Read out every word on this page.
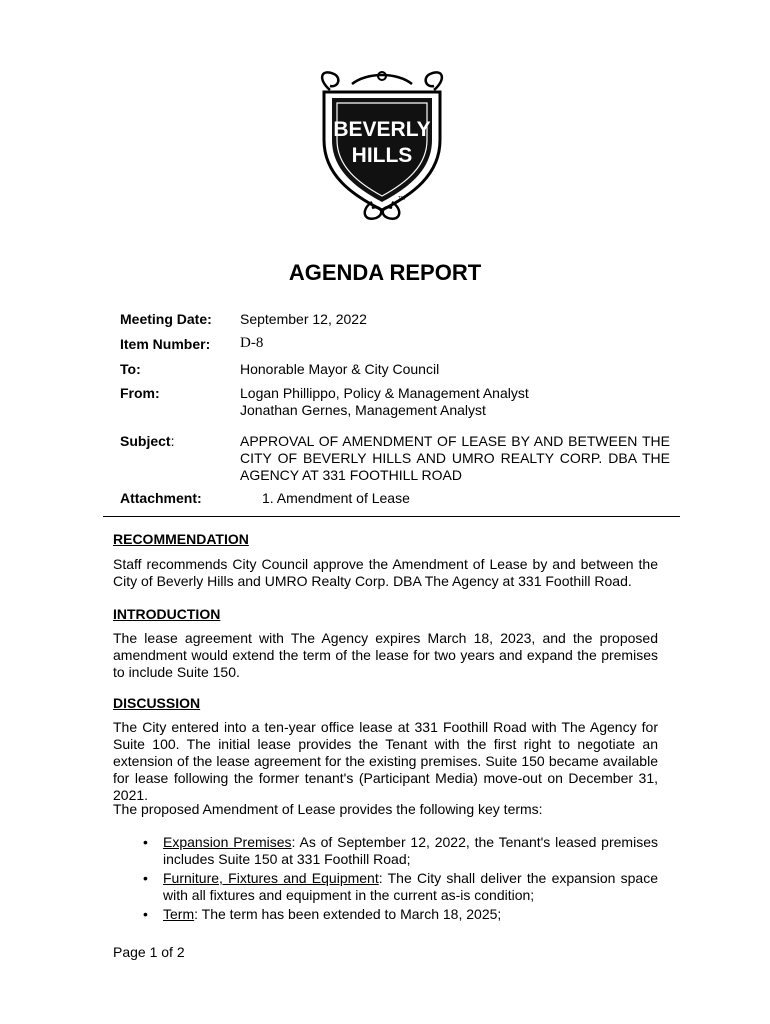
BEVERLY
HILLS
TM
AGENDA REPORT
Meeting Date: September 12, 2022
Item Number: D-8
To:	Honorable Mayor & City Council
From:	Logan Phillippo, Policy & Management Analyst
Jonathan Gernes, Management Analyst
Subject:	APPROVAL OF AMENDMENT OF LEASE BY AND BETWEEN THE CITY OF BEVERLY HILLS AND UMRO REALTY CORP. DBA THE AGENCY AT 331 FOOTHILL ROAD
Attachment:	1. Amendment of Lease
RECOMMENDATION
Staff recommends City Council approve the Amendment of Lease by and between the City of Beverly Hills and UMRO Realty Corp. DBA The Agency at 331 Foothill Road.
INTRODUCTION
The lease agreement with The Agency expires March 18, 2023, and the proposed amendment would extend the term of the lease for two years and expand the premises to include Suite 150.
DISCUSSION
The City entered into a ten-year office lease at 331 Foothill Road with The Agency for Suite 100. The initial lease provides the Tenant with the first right to negotiate an extension of the lease agreement for the existing premises. Suite 150 became available for lease following the former tenant's (Participant Media) move-out on December 31, 2021.
The proposed Amendment of Lease provides the following key terms:
• Expansion Premises: As of September 12, 2022, the Tenant's leased premises includes Suite 150 at 331 Foothill Road;
• Furniture, Fixtures and Equipment: The City shall deliver the expansion space with all fixtures and equipment in the current as-is condition;
• Term: The term has been extended to March 18, 2025;
Page 1 of 2
